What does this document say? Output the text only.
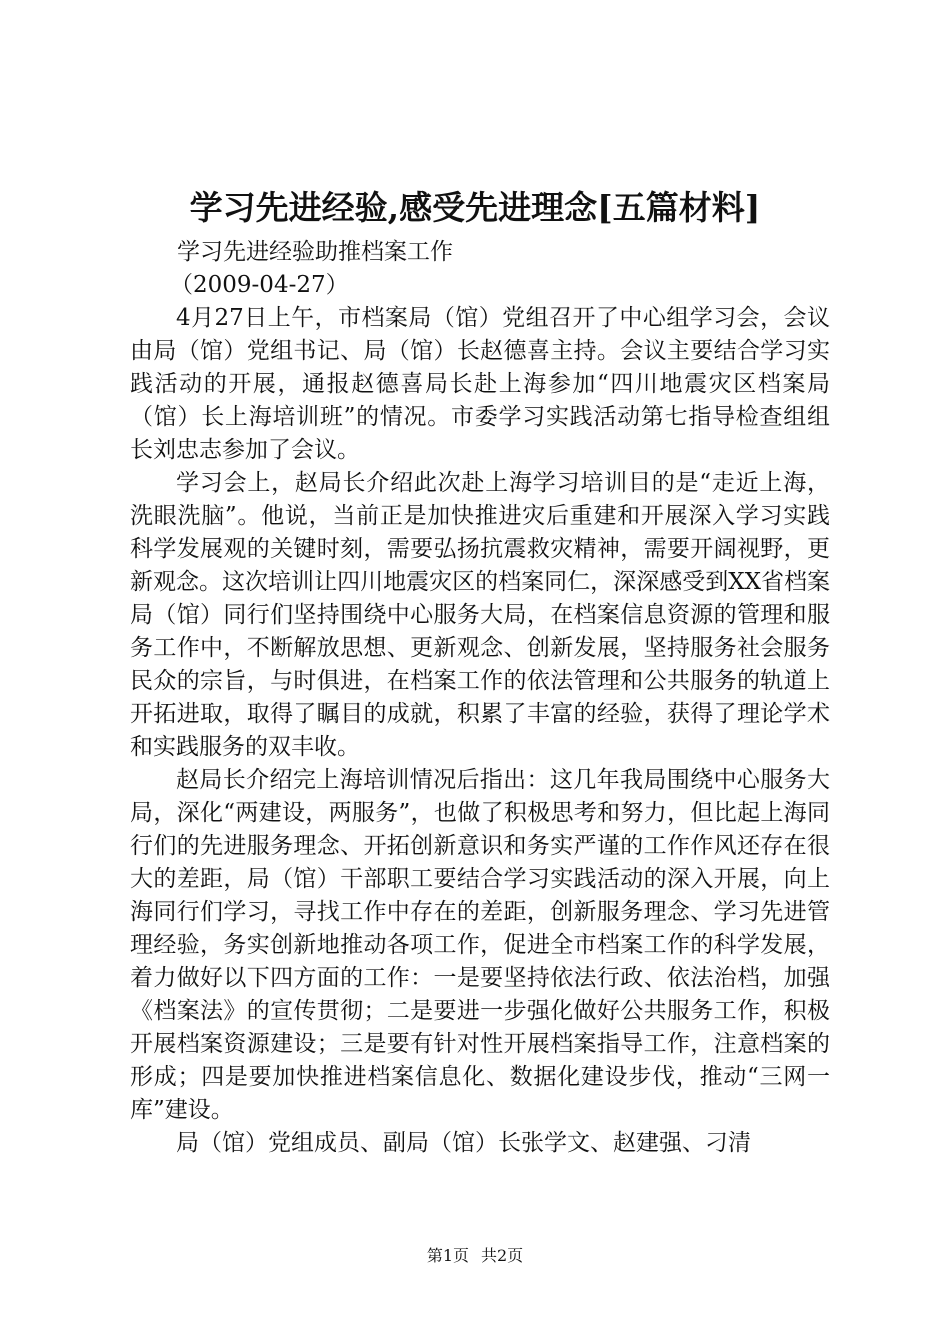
学习先进经验,感受先进理念[五篇材料]

学习先进经验助推档案工作

（2009-04-27）

4月27日上午，市档案局（馆）党组召开了中心组学习会，会议由局（馆）党组书记、局（馆）长赵德喜主持。会议主要结合学习实践活动的开展，通报赵德喜局长赴上海参加“四川地震灾区档案局（馆）长上海培训班”的情况。市委学习实践活动第七指导检查组组长刘忠志参加了会议。

学习会上，赵局长介绍此次赴上海学习培训目的是“走近上海，洗眼洗脑”。他说，当前正是加快推进灾后重建和开展深入学习实践科学发展观的关键时刻，需要弘扬抗震救灾精神，需要开阔视野，更新观念。这次培训让四川地震灾区的档案同仁，深深感受到XX省档案局（馆）同行们坚持围绕中心服务大局，在档案信息资源的管理和服务工作中，不断解放思想、更新观念、创新发展，坚持服务社会服务民众的宗旨，与时俱进，在档案工作的依法管理和公共服务的轨道上开拓进取，取得了瞩目的成就，积累了丰富的经验，获得了理论学术和实践服务的双丰收。

赵局长介绍完上海培训情况后指出：这几年我局围绕中心服务大局，深化“两建设，两服务”，也做了积极思考和努力，但比起上海同行们的先进服务理念、开拓创新意识和务实严谨的工作作风还存在很大的差距，局（馆）干部职工要结合学习实践活动的深入开展，向上海同行们学习，寻找工作中存在的差距，创新服务理念、学习先进管理经验，务实创新地推动各项工作，促进全市档案工作的科学发展，着力做好以下四方面的工作：一是要坚持依法行政、依法治档，加强《档案法》的宣传贯彻；二是要进一步强化做好公共服务工作，积极开展档案资源建设；三是要有针对性开展档案指导工作，注意档案的形成；四是要加快推进档案信息化、数据化建设步伐，推动“三网一库”建设。

局（馆）党组成员、副局（馆）长张学文、赵建强、刁清

第1页 共2页
